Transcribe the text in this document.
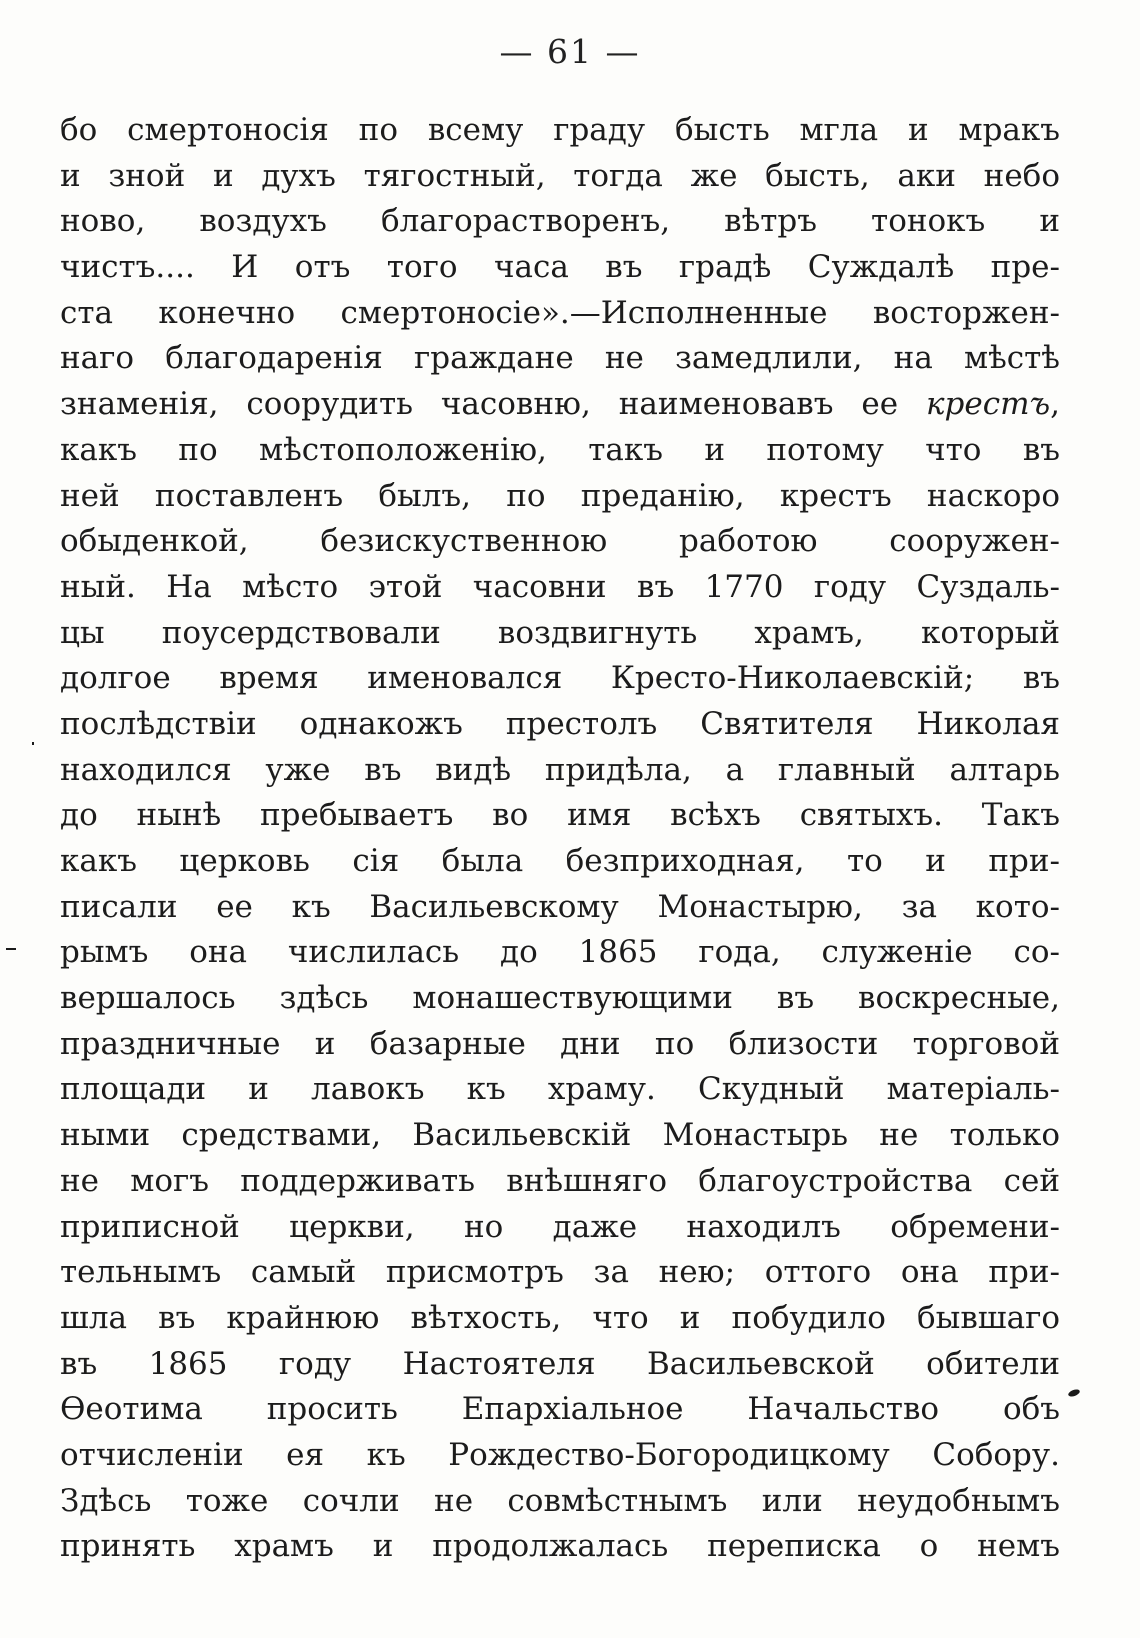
— 61 —
бо смертоносія по всему граду бысть мгла и мракъ
и зной и духъ тягостный, тогда же бысть, аки небо
ново, воздухъ благорастворенъ, вѣтръ тонокъ и
чистъ.... И отъ того часа въ градѣ Суждалѣ пре-
ста конечно смертоносіе».—Исполненные восторжен-
наго благодаренія граждане не замедлили, на мѣстѣ
знаменія, соорудить часовню, наименовавъ ее крестъ,
какъ по мѣстоположенію, такъ и потому что въ
ней поставленъ былъ, по преданію, крестъ наскоро
обыденкой, безискуственною работою сооружен-
ный. На мѣсто этой часовни въ 1770 году Суздаль-
цы поусердствовали воздвигнуть храмъ, который
долгое время именовался Кресто-Николаевскій; въ
послѣдствіи однакожъ престолъ Святителя Николая
находился уже въ видѣ придѣла, а главный алтарь
до нынѣ пребываетъ во имя всѣхъ святыхъ. Такъ
какъ церковь сія была безприходная, то и при-
писали ее къ Васильевскому Монастырю, за кото-
рымъ она числилась до 1865 года, служеніе со-
вершалось здѣсь монашествующими въ воскресные,
праздничные и базарные дни по близости торговой
площади и лавокъ къ храму. Скудный матеріаль-
ными средствами, Васильевскій Монастырь не только
не могъ поддерживать внѣшняго благоустройства сей
приписной церкви, но даже находилъ обремени-
тельнымъ самый присмотръ за нею; оттого она при-
шла въ крайнюю вѣтхость, что и побудило бывшаго
въ 1865 году Настоятеля Васильевской обители
Ѳеотима просить Епархіальное Начальство объ
отчисленіи ея къ Рождество-Богородицкому Собору.
Здѣсь тоже сочли не совмѣстнымъ или неудобнымъ
принять храмъ и продолжалась переписка о немъ
